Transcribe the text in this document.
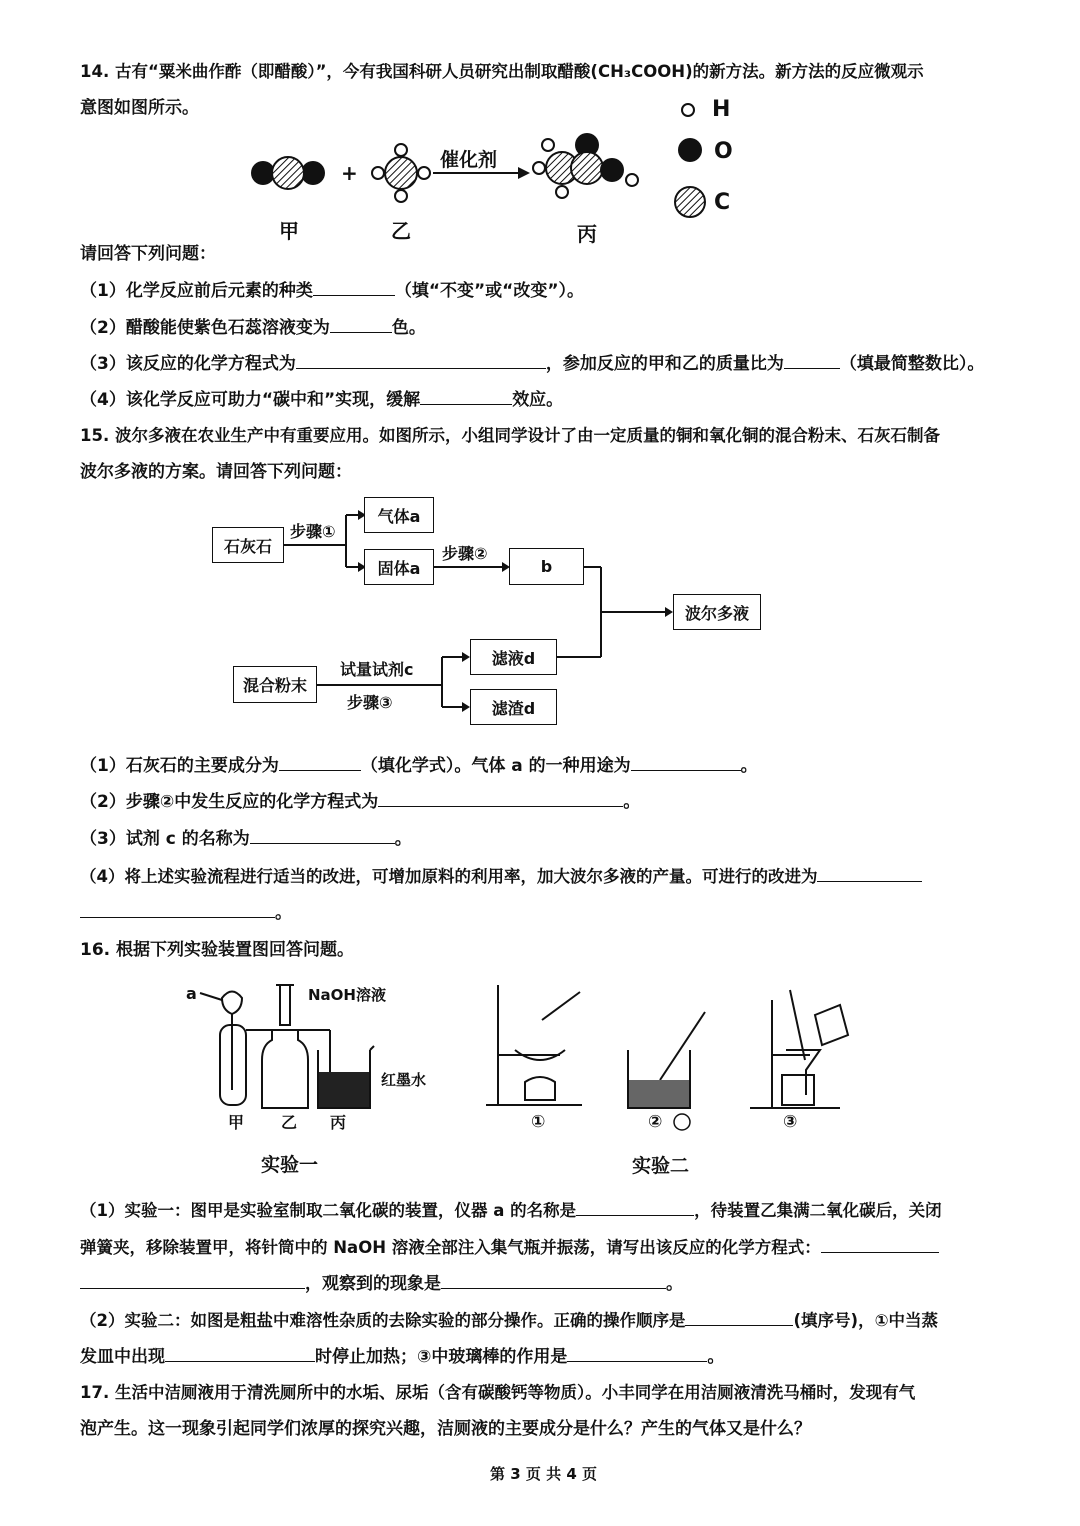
14. 古有“粟米曲作酢（即醋酸）”，今有我国科研人员研究出制取醋酸(CH₃COOH)的新方法。新方法的反应微观示
意图如图所示。	H
O
C
+
催化剂
甲	乙	丙
请回答下列问题：
（1）化学反应前后元素的种类	（填“不变”或“改变”）。
（2）醋酸能使紫色石蕊溶液变为	色。
（3）该反应的化学方程式为	，参加反应的甲和乙的质量比为	（填最简整数比）。
（4）该化学反应可助力“碳中和”实现，缓解	效应。
15. 波尔多液在农业生产中有重要应用。如图所示，小组同学设计了由一定质量的铜和氧化铜的混合粉末、石灰石制备
波尔多液的方案。请回答下列问题：
石灰石
气体a
固体a	b
波尔多液
混合粉末
滤液d
滤渣d
步骤①
步骤②
试量试剂c
步骤③
（1）石灰石的主要成分为	（填化学式）。气体 a 的一种用途为	。
（2）步骤②中发生反应的化学方程式为	。
（3）试剂 c 的名称为	。
（4）将上述实验流程进行适当的改进，可增加原料的利用率，加大波尔多液的产量。可进行的改进为
。
16. 根据下列实验装置图回答问题。
a	NaOH溶液
红墨水
甲 乙 丙	①	②	③
实验一	实验二
（1）实验一：图甲是实验室制取二氧化碳的装置，仪器 a 的名称是	，待装置乙集满二氧化碳后，关闭
弹簧夹，移除装置甲，将针筒中的 NaOH 溶液全部注入集气瓶并振荡，请写出该反应的化学方程式：
，观察到的现象是	。
（2）实验二：如图是粗盐中难溶性杂质的去除实验的部分操作。正确的操作顺序是	(填序号)，①中当蒸
发皿中出现	时停止加热；③中玻璃棒的作用是	。
17. 生活中洁厕液用于清洗厕所中的水垢、尿垢（含有碳酸钙等物质）。小丰同学在用洁厕液清洗马桶时，发现有气
泡产生。这一现象引起同学们浓厚的探究兴趣，洁厕液的主要成分是什么？产生的气体又是什么？
第 3 页 共 4 页
